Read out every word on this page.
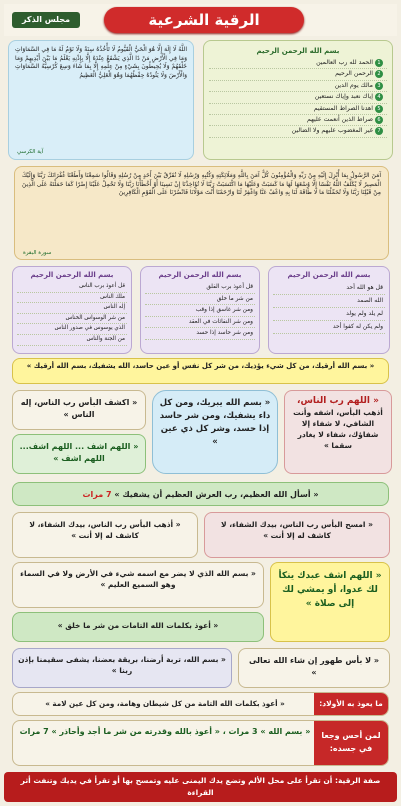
الرقية الشرعية
مجلس الذكر
اللَّهُ لَا إِلَهَ إِلَّا هُوَ الْحَيُّ الْقَيُّومُ لَا تَأْخُذُهُ سِنَةٌ وَلَا نَوْمٌ لَهُ مَا فِي السَّمَاوَاتِ وَمَا فِي الْأَرْضِ مَنْ ذَا الَّذِي يَشْفَعُ عِنْدَهُ إِلَّا بِإِذْنِهِ يَعْلَمُ مَا بَيْنَ أَيْدِيهِمْ وَمَا خَلْفَهُمْ وَلَا يُحِيطُونَ بِشَيْءٍ مِنْ عِلْمِهِ إِلَّا بِمَا شَاءَ وَسِعَ كُرْسِيُّهُ السَّمَاوَاتِ وَالْأَرْضَ وَلَا يَئُودُهُ حِفْظُهُمَا وَهُوَ الْعَلِيُّ الْعَظِيمُ
آية الكرسي
بسم الله الرحمن الرحيم
1الحمد لله رب العالمين
2الرحمن الرحيم
3مالك يوم الدين
4إياك نعبد وإياك نستعين
5اهدنا الصراط المستقيم
6صراط الذين أنعمت عليهم
7غير المغضوب عليهم ولا الضالين
آمَنَ الرَّسُولُ بِمَا أُنْزِلَ إِلَيْهِ مِنْ رَبِّهِ وَالْمُؤْمِنُونَ كُلٌّ آمَنَ بِاللَّهِ وَمَلَائِكَتِهِ وَكُتُبِهِ وَرُسُلِهِ لَا نُفَرِّقُ بَيْنَ أَحَدٍ مِنْ رُسُلِهِ وَقَالُوا سَمِعْنَا وَأَطَعْنَا غُفْرَانَكَ رَبَّنَا وَإِلَيْكَ الْمَصِيرُ لَا يُكَلِّفُ اللَّهُ نَفْسًا إِلَّا وُسْعَهَا لَهَا مَا كَسَبَتْ وَعَلَيْهَا مَا اكْتَسَبَتْ رَبَّنَا لَا تُؤَاخِذْنَا إِنْ نَسِينَا أَوْ أَخْطَأْنَا رَبَّنَا وَلَا تَحْمِلْ عَلَيْنَا إِصْرًا كَمَا حَمَلْتَهُ عَلَى الَّذِينَ مِنْ قَبْلِنَا رَبَّنَا وَلَا تُحَمِّلْنَا مَا لَا طَاقَةَ لَنَا بِهِ وَاعْفُ عَنَّا وَاغْفِرْ لَنَا وَارْحَمْنَا أَنْتَ مَوْلَانَا فَانْصُرْنَا عَلَى الْقَوْمِ الْكَافِرِينَ
سورة البقرة
بسم الله الرحمن الرحيم
قل أعوذ برب الناس
ملك الناس
إله الناس
من شر الوسواس الخناس
الذي يوسوس في صدور الناس
من الجنة والناس
بسم الله الرحمن الرحيم
قل أعوذ برب الفلق
من شر ما خلق
ومن شر غاسق إذا وقب
ومن شر النفاثات في العقد
ومن شر حاسد إذا حسد
بسم الله الرحمن الرحيم
قل هو الله أحد
الله الصمد
لم يلد ولم يولد
ولم يكن له كفوا أحد
« بسم الله أرقيك، من كل شيء يؤذيك، من شر كل نفس أو عين حاسد، الله يشفيك، بسم الله أرقيك »
« اللهم رب الناس،
أذهب البأس، اشفه وأنت الشافي، لا شفاء إلا شفاؤك، شفاء لا يغادر سقما »
« بسم الله يبريك، ومن كل داء يشفيك، ومن شر حاسد إذا حسد، وشر كل ذي عين »
« اكشف البأس رب الناس، إله الناس »
« اللهم اشف ... اللهم اشف... اللهم اشف »
« أسأل الله العظيم، رب العرش العظيم أن يشفيك » 7 مرات
« امسح البأس رب الناس، بيدك الشفاء، لا كاشف له إلا أنت »
« أذهب البأس رب الناس، بيدك الشفاء، لا كاشف له إلا أنت »
« اللهم اشف عبدك ينكأ لك عدوا، أو يمشي لك إلى صلاة »
« بسم الله الذي لا يضر مع اسمه شيء في الأرض ولا في السماء وهو السميع العليم »
« أعوذ بكلمات الله التامات من شر ما خلق »
« لا بأس طهور إن شاء الله تعالى »
« بسم الله، تربة أرضنا، بريقة بعضنا، يشفى سقيمنا بإذن ربنا »
ما يعوذ به الأولاد:
« أعوذ بكلمات الله التامة من كل شيطان وهامة، ومن كل عين لامة »
لمن أحس وجعا في جسده:
« بسم الله » 3 مرات ، « أعوذ بالله وقدرته من شر ما أجد وأحاذر » 7 مرات
صفة الرقية: أن تقرأ على محل الألم وتضع يدك اليمنى عليه وتمسح بها أو تقرأ في يديك وتنفث أثر القراءة
